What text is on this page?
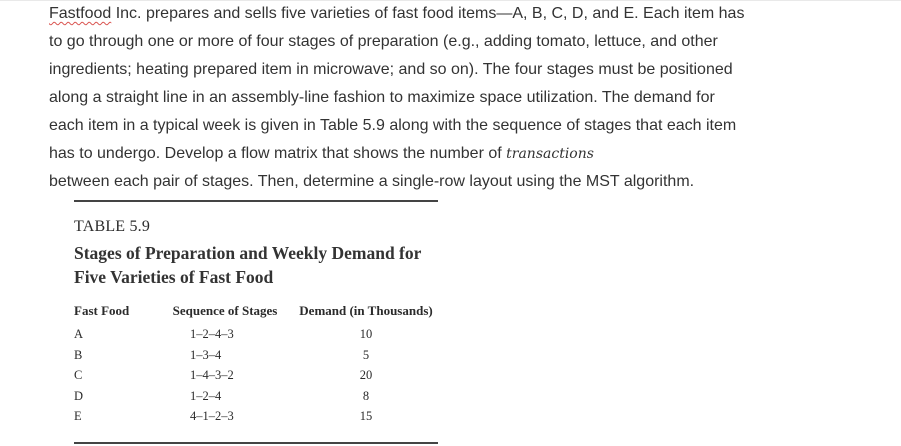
Fastfood Inc. prepares and sells five varieties of fast food items—A, B, C, D, and E. Each item has
to go through one or more of four stages of preparation (e.g., adding tomato, lettuce, and other
ingredients; heating prepared item in microwave; and so on). The four stages must be positioned
along a straight line in an assembly-line fashion to maximize space utilization. The demand for
each item in a typical week is given in Table 5.9 along with the sequence of stages that each item
has to undergo. Develop a flow matrix that shows the number of transactions
between each pair of stages. Then, determine a single-row layout using the MST algorithm.
TABLE 5.9
Stages of Preparation and Weekly Demand for
Five Varieties of Fast Food
Fast Food	Sequence of Stages	Demand (in Thousands)
A	1–2–4–3	10
B	1–3–4	5
C	1–4–3–2	20
D	1–2–4	8
E	4–1–2–3	15
